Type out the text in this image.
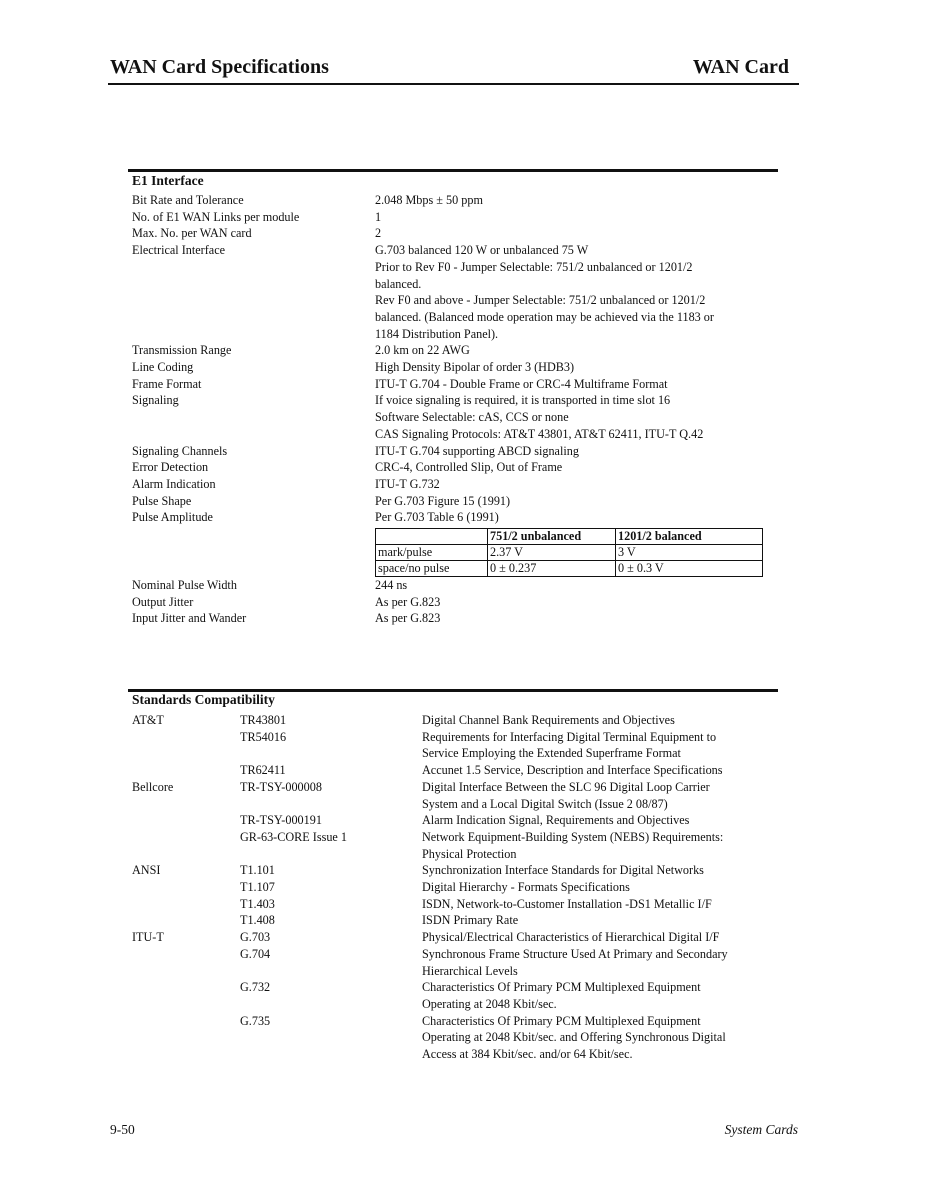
WAN Card Specifications	WAN Card
E1 Interface
Bit Rate and Tolerance	2.048 Mbps ± 50 ppm
No. of E1 WAN Links per module	1
Max. No. per WAN card	2
Electrical Interface	G.703 balanced 120 W or unbalanced 75 W
Prior to Rev F0 - Jumper Selectable: 751/2 unbalanced or 1201/2
balanced.
Rev F0 and above - Jumper Selectable: 751/2 unbalanced or 1201/2
balanced. (Balanced mode operation may be achieved via the 1183 or
1184 Distribution Panel).
Transmission Range	2.0 km on 22 AWG
Line Coding	High Density Bipolar of order 3 (HDB3)
Frame Format	ITU-T G.704 - Double Frame or CRC-4 Multiframe Format
Signaling	If voice signaling is required, it is transported in time slot 16
Software Selectable: cAS, CCS or none
CAS Signaling Protocols: AT&T 43801, AT&T 62411, ITU-T Q.42
Signaling Channels	ITU-T G.704 supporting ABCD signaling
Error Detection	CRC-4, Controlled Slip, Out of Frame
Alarm Indication	ITU-T G.732
Pulse Shape	Per G.703 Figure 15 (1991)
Pulse Amplitude	Per G.703 Table 6 (1991)
	751/2 unbalanced	1201/2 balanced
mark/pulse	2.37 V	3 V
space/no pulse	0 ± 0.237	0 ± 0.3 V
Nominal Pulse Width	244 ns
Output Jitter	As per G.823
Input Jitter and Wander	As per G.823
Standards Compatibility
AT&T	TR43801	Digital Channel Bank Requirements and Objectives
TR54016	Requirements for Interfacing Digital Terminal Equipment to
Service Employing the Extended Superframe Format
TR62411	Accunet 1.5 Service, Description and Interface Specifications
Bellcore	TR-TSY-000008	Digital Interface Between the SLC 96 Digital Loop Carrier
System and a Local Digital Switch (Issue 2 08/87)
TR-TSY-000191	Alarm Indication Signal, Requirements and Objectives
GR-63-CORE Issue 1	Network Equipment-Building System (NEBS) Requirements:
Physical Protection
ANSI	T1.101	Synchronization Interface Standards for Digital Networks
T1.107	Digital Hierarchy - Formats Specifications
T1.403	ISDN, Network-to-Customer Installation -DS1 Metallic I/F
T1.408	ISDN Primary Rate
ITU-T	G.703	Physical/Electrical Characteristics of Hierarchical Digital I/F
G.704	Synchronous Frame Structure Used At Primary and Secondary
Hierarchical Levels
G.732	Characteristics Of Primary PCM Multiplexed Equipment
Operating at 2048 Kbit/sec.
G.735	Characteristics Of Primary PCM Multiplexed Equipment
Operating at 2048 Kbit/sec. and Offering Synchronous Digital
Access at 384 Kbit/sec. and/or 64 Kbit/sec.
9-50	System Cards
